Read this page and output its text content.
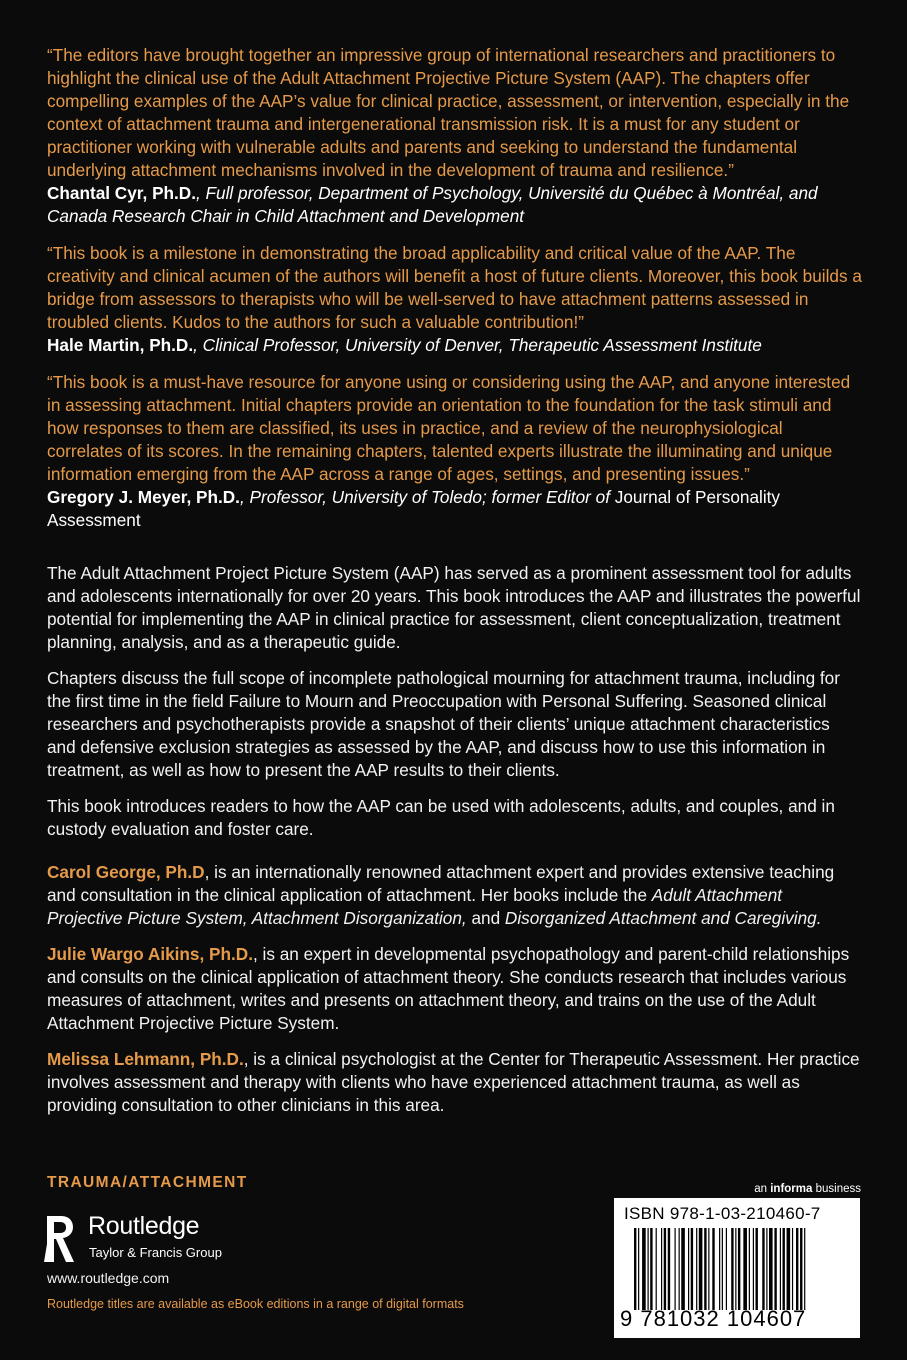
“The editors have brought together an impressive group of international researchers and practitioners to highlight the clinical use of the Adult Attachment Projective Picture System (AAP). The chapters offer compelling examples of the AAP’s value for clinical practice, assessment, or intervention, especially in the context of attachment trauma and intergenerational transmission risk. It is a must for any student or practitioner working with vulnerable adults and parents and seeking to understand the fundamental underlying attachment mechanisms involved in the development of trauma and resilience.”

Chantal Cyr, Ph.D., Full professor, Department of Psychology, Université du Québec à Montréal, and Canada Research Chair in Child Attachment and Development

“This book is a milestone in demonstrating the broad applicability and critical value of the AAP. The creativity and clinical acumen of the authors will benefit a host of future clients. Moreover, this book builds a bridge from assessors to therapists who will be well-served to have attachment patterns assessed in troubled clients. Kudos to the authors for such a valuable contribution!”

Hale Martin, Ph.D., Clinical Professor, University of Denver, Therapeutic Assessment Institute

“This book is a must-have resource for anyone using or considering using the AAP, and anyone interested in assessing attachment. Initial chapters provide an orientation to the foundation for the task stimuli and how responses to them are classified, its uses in practice, and a review of the neurophysiological correlates of its scores. In the remaining chapters, talented experts illustrate the illuminating and unique information emerging from the AAP across a range of ages, settings, and presenting issues.”

Gregory J. Meyer, Ph.D., Professor, University of Toledo; former Editor of Journal of Personality Assessment

The Adult Attachment Project Picture System (AAP) has served as a prominent assessment tool for adults and adolescents internationally for over 20 years. This book introduces the AAP and illustrates the powerful potential for implementing the AAP in clinical practice for assessment, client conceptualization, treatment planning, analysis, and as a therapeutic guide.

Chapters discuss the full scope of incomplete pathological mourning for attachment trauma, including for the first time in the field Failure to Mourn and Preoccupation with Personal Suffering. Seasoned clinical researchers and psychotherapists provide a snapshot of their clients’ unique attachment characteristics and defensive exclusion strategies as assessed by the AAP, and discuss how to use this information in treatment, as well as how to present the AAP results to their clients.

This book introduces readers to how the AAP can be used with adolescents, adults, and couples, and in custody evaluation and foster care.

Carol George, Ph.D, is an internationally renowned attachment expert and provides extensive teaching and consultation in the clinical application of attachment. Her books include the Adult Attachment Projective Picture System, Attachment Disorganization, and Disorganized Attachment and Caregiving.

Julie Wargo Aikins, Ph.D., is an expert in developmental psychopathology and parent-child relationships and consults on the clinical application of attachment theory. She conducts research that includes various measures of attachment, writes and presents on attachment theory, and trains on the use of the Adult Attachment Projective Picture System.

Melissa Lehmann, Ph.D., is a clinical psychologist at the Center for Therapeutic Assessment. Her practice involves assessment and therapy with clients who have experienced attachment trauma, as well as providing consultation to other clinicians in this area.

TRAUMA/ATTACHMENT

Routledge
Taylor & Francis Group

www.routledge.com

Routledge titles are available as eBook editions in a range of digital formats

an informa business

ISBN 978-1-03-210460-7
9 781032 104607
